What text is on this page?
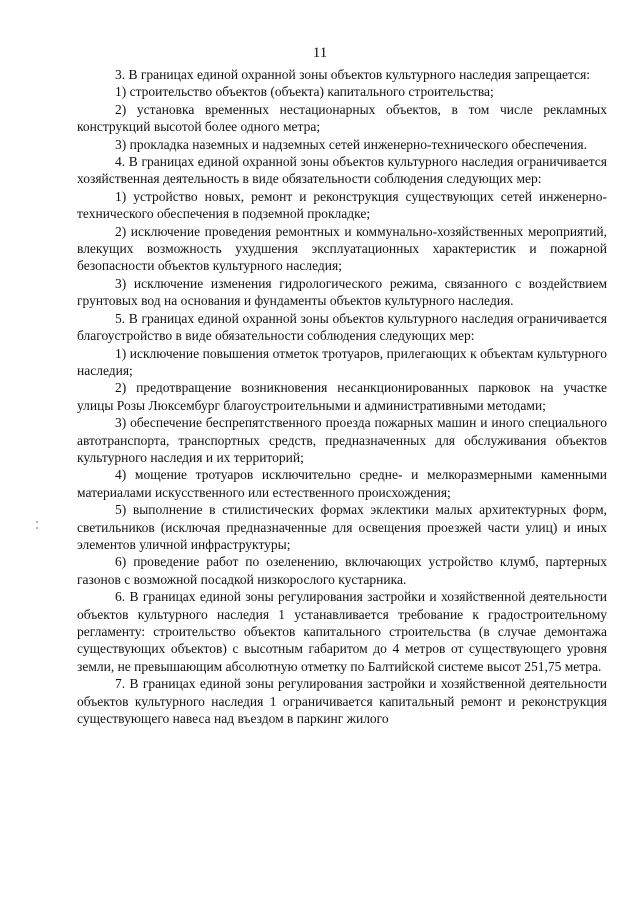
11

3. В границах единой охранной зоны объектов культурного наследия запрещается:

1) строительство объектов (объекта) капитального строительства;

2) установка временных нестационарных объектов, в том числе рекламных конструкций высотой более одного метра;

3) прокладка наземных и надземных сетей инженерно-технического обеспечения.

4. В границах единой охранной зоны объектов культурного наследия ограничивается хозяйственная деятельность в виде обязательности соблюдения следующих мер:

1) устройство новых, ремонт и реконструкция существующих сетей инженерно-технического обеспечения в подземной прокладке;

2) исключение проведения ремонтных и коммунально-хозяйственных мероприятий, влекущих возможность ухудшения эксплуатационных характеристик и пожарной безопасности объектов культурного наследия;

3) исключение изменения гидрологического режима, связанного с воздействием грунтовых вод на основания и фундаменты объектов культурного наследия.

5. В границах единой охранной зоны объектов культурного наследия ограничивается благоустройство в виде обязательности соблюдения следующих мер:

1) исключение повышения отметок тротуаров, прилегающих к объектам культурного наследия;

2) предотвращение возникновения несанкционированных парковок на участке улицы Розы Люксембург благоустроительными и административными методами;

3) обеспечение беспрепятственного проезда пожарных машин и иного специального автотранспорта, транспортных средств, предназначенных для обслуживания объектов культурного наследия и их территорий;

4) мощение тротуаров исключительно средне- и мелкоразмерными каменными материалами искусственного или естественного происхождения;

5) выполнение в стилистических формах эклектики малых архитектурных форм, светильников (исключая предназначенные для освещения проезжей части улиц) и иных элементов уличной инфраструктуры;

6) проведение работ по озеленению, включающих устройство клумб, партерных газонов с возможной посадкой низкорослого кустарника.

6. В границах единой зоны регулирования застройки и хозяйственной деятельности объектов культурного наследия 1 устанавливается требование к градостроительному регламенту: строительство объектов капитального строительства (в случае демонтажа существующих объектов) с высотным габаритом до 4 метров от существующего уровня земли, не превышающим абсолютную отметку по Балтийской системе высот 251,75 метра.

7. В границах единой зоны регулирования застройки и хозяйственной деятельности объектов культурного наследия 1 ограничивается капитальный ремонт и реконструкция существующего навеса над въездом в паркинг жилого
